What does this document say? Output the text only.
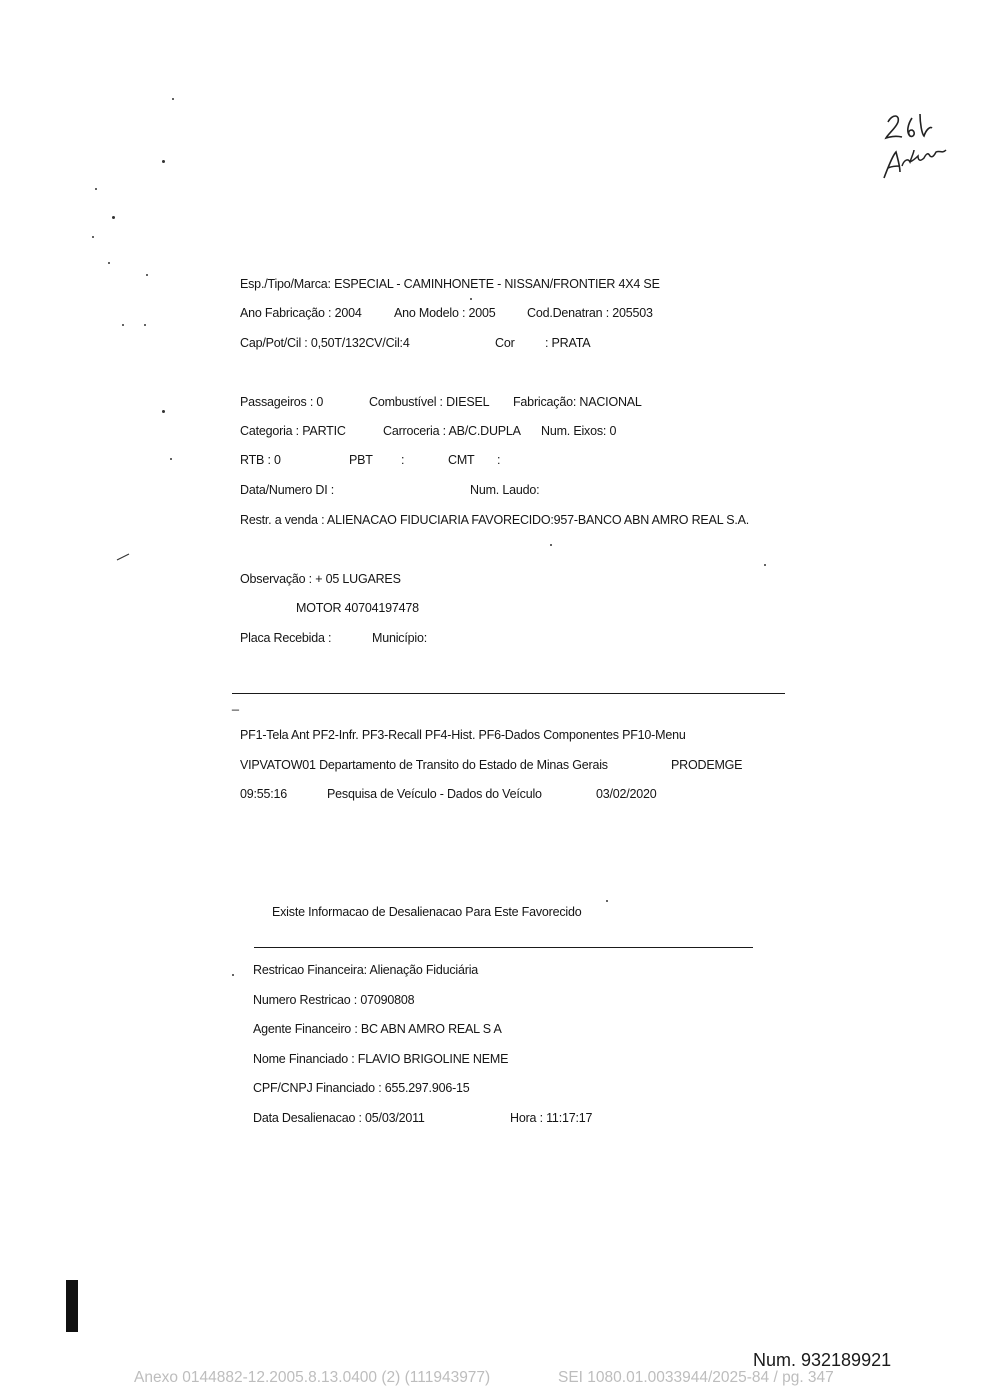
Esp./Tipo/Marca: ESPECIAL - CAMINHONETE - NISSAN/FRONTIER 4X4 SE
Ano Fabricação : 2004	Ano Modelo : 2005	Cod.Denatran : 205503
Cap/Pot/Cil : 0,50T/132CV/Cil:4	Cor : PRATA
Passageiros : 0	Combustível : DIESEL Fabricação: NACIONAL
Categoria : PARTIC	Carroceria : AB/C.DUPLA Num. Eixos: 0
RTB : 0	PBT :	CMT :
Data/Numero DI :	Num. Laudo:
Restr. a venda : ALIENACAO FIDUCIARIA FAVORECIDO:957-BANCO ABN AMRO REAL S.A.
Observação : + 05 LUGARES
MOTOR 40704197478
Placa Recebida :	Município:
_
PF1-Tela Ant PF2-Infr. PF3-Recall PF4-Hist. PF6-Dados Componentes PF10-Menu
VIPVATOW01 Departamento de Transito do Estado de Minas Gerais	PRODEMGE
09:55:16	Pesquisa de Veículo - Dados do Veículo	03/02/2020
Existe Informacao de Desalienacao Para Este Favorecido
Restricao Financeira: Alienação Fiduciária
Numero Restricao : 07090808
Agente Financeiro : BC ABN AMRO REAL S A
Nome Financiado : FLAVIO BRIGOLINE NEME
CPF/CNPJ Financiado : 655.297.906-15
Data Desalienacao : 05/03/2011	Hora : 11:17:17
Num. 932189921
Anexo 0144882-12.2005.8.13.0400 (2) (111943977)	SEI 1080.01.0033944/2025-84 / pg. 347
